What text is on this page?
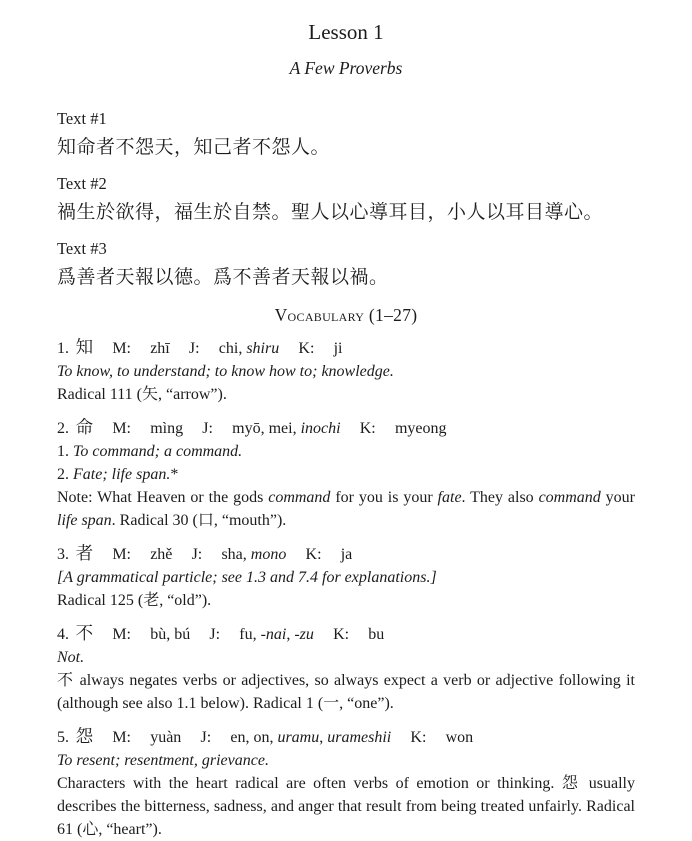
Lesson 1
A Few Proverbs
Text #1
知命者不怨天，知己者不怨人。
Text #2
禍生於欲得，福生於自禁。聖人以心導耳目，小人以耳目導心。
Text #3
爲善者天報以德。爲不善者天報以禍。
Vocabulary (1–27)
1. 知 M: zhī J: chi, shiru K: ji
To know, to understand; to know how to; knowledge.
Radical 111 (矢, “arrow”).
2. 命 M: mìng J: myō, mei, inochi K: myeong
1. To command; a command.
2. Fate; life span.*
Note: What Heaven or the gods command for you is your fate. They also command your life span. Radical 30 (口, “mouth”).
3. 者 M: zhě J: sha, mono K: ja
[A grammatical particle; see 1.3 and 7.4 for explanations.]
Radical 125 (老, “old”).
4. 不 M: bù, bú J: fu, -nai, -zu K: bu
Not.
不 always negates verbs or adjectives, so always expect a verb or adjective following it (although see also 1.1 below). Radical 1 (一, “one”).
5. 怨 M: yuàn J: en, on, uramu, urameshii K: won
To resent; resentment, grievance.
Characters with the heart radical are often verbs of emotion or thinking. 怨 usually describes the bitterness, sadness, and anger that result from being treated unfairly. Radical 61 (心, “heart”).
